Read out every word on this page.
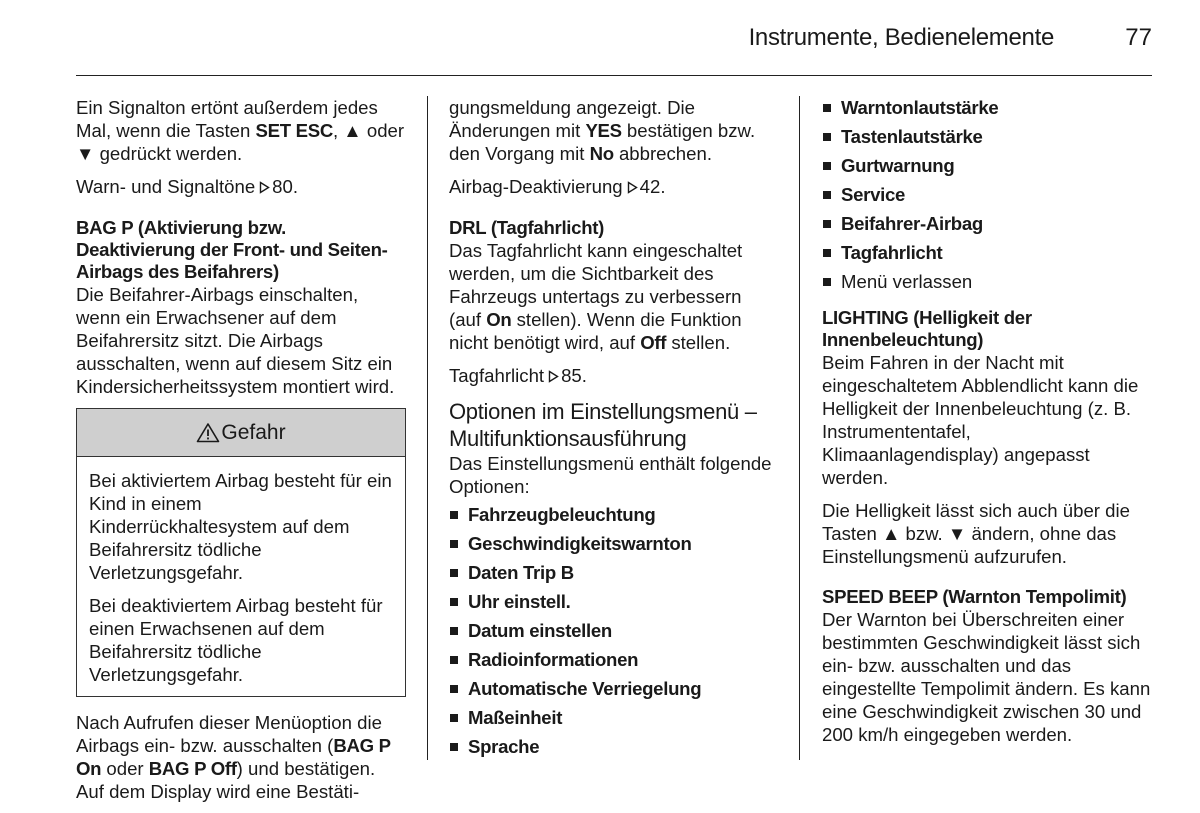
Instrumente, Bedienelemente	77

Ein Signalton ertönt außerdem jedes Mal, wenn die Tasten SET ESC, ▲ oder ▼ gedrückt werden.

Warn- und Signaltöne 80.

BAG P (Aktivierung bzw. Deaktivierung der Front- und Seiten-Airbags des Beifahrers)

Die Beifahrer-Airbags einschalten, wenn ein Erwachsener auf dem Beifahrersitz sitzt. Die Airbags ausschalten, wenn auf diesem Sitz ein Kindersicherheitssystem montiert wird.

Gefahr

Bei aktiviertem Airbag besteht für ein Kind in einem Kinderrückhaltesystem auf dem Beifahrersitz tödliche Verletzungsgefahr.

Bei deaktiviertem Airbag besteht für einen Erwachsenen auf dem Beifahrersitz tödliche Verletzungsgefahr.

Nach Aufrufen dieser Menüoption die Airbags ein- bzw. ausschalten (BAG P On oder BAG P Off) und bestätigen. Auf dem Display wird eine Bestäti-

gungsmeldung angezeigt. Die Änderungen mit YES bestätigen bzw. den Vorgang mit No abbrechen.

Airbag-Deaktivierung 42.

DRL (Tagfahrlicht)

Das Tagfahrlicht kann eingeschaltet werden, um die Sichtbarkeit des Fahrzeugs untertags zu verbessern (auf On stellen). Wenn die Funktion nicht benötigt wird, auf Off stellen.

Tagfahrlicht 85.

Optionen im Einstellungsmenü – Multifunktionsausführung

Das Einstellungsmenü enthält folgende Optionen:

Fahrzeugbeleuchtung
Geschwindigkeitswarnton
Daten Trip B
Uhr einstell.
Datum einstellen
Radioinformationen
Automatische Verriegelung
Maßeinheit
Sprache
Warntonlautstärke
Tastenlautstärke
Gurtwarnung
Service
Beifahrer-Airbag
Tagfahrlicht
Menü verlassen
LIGHTING (Helligkeit der Innenbeleuchtung)

Beim Fahren in der Nacht mit eingeschaltetem Abblendlicht kann die Helligkeit der Innenbeleuchtung (z. B. Instrumententafel, Klimaanlagendisplay) angepasst werden.

Die Helligkeit lässt sich auch über die Tasten ▲ bzw. ▼ ändern, ohne das Einstellungsmenü aufzurufen.

SPEED BEEP (Warnton Tempolimit)

Der Warnton bei Überschreiten einer bestimmten Geschwindigkeit lässt sich ein- bzw. ausschalten und das eingestellte Tempolimit ändern. Es kann eine Geschwindigkeit zwischen 30 und 200 km/h eingegeben werden.
